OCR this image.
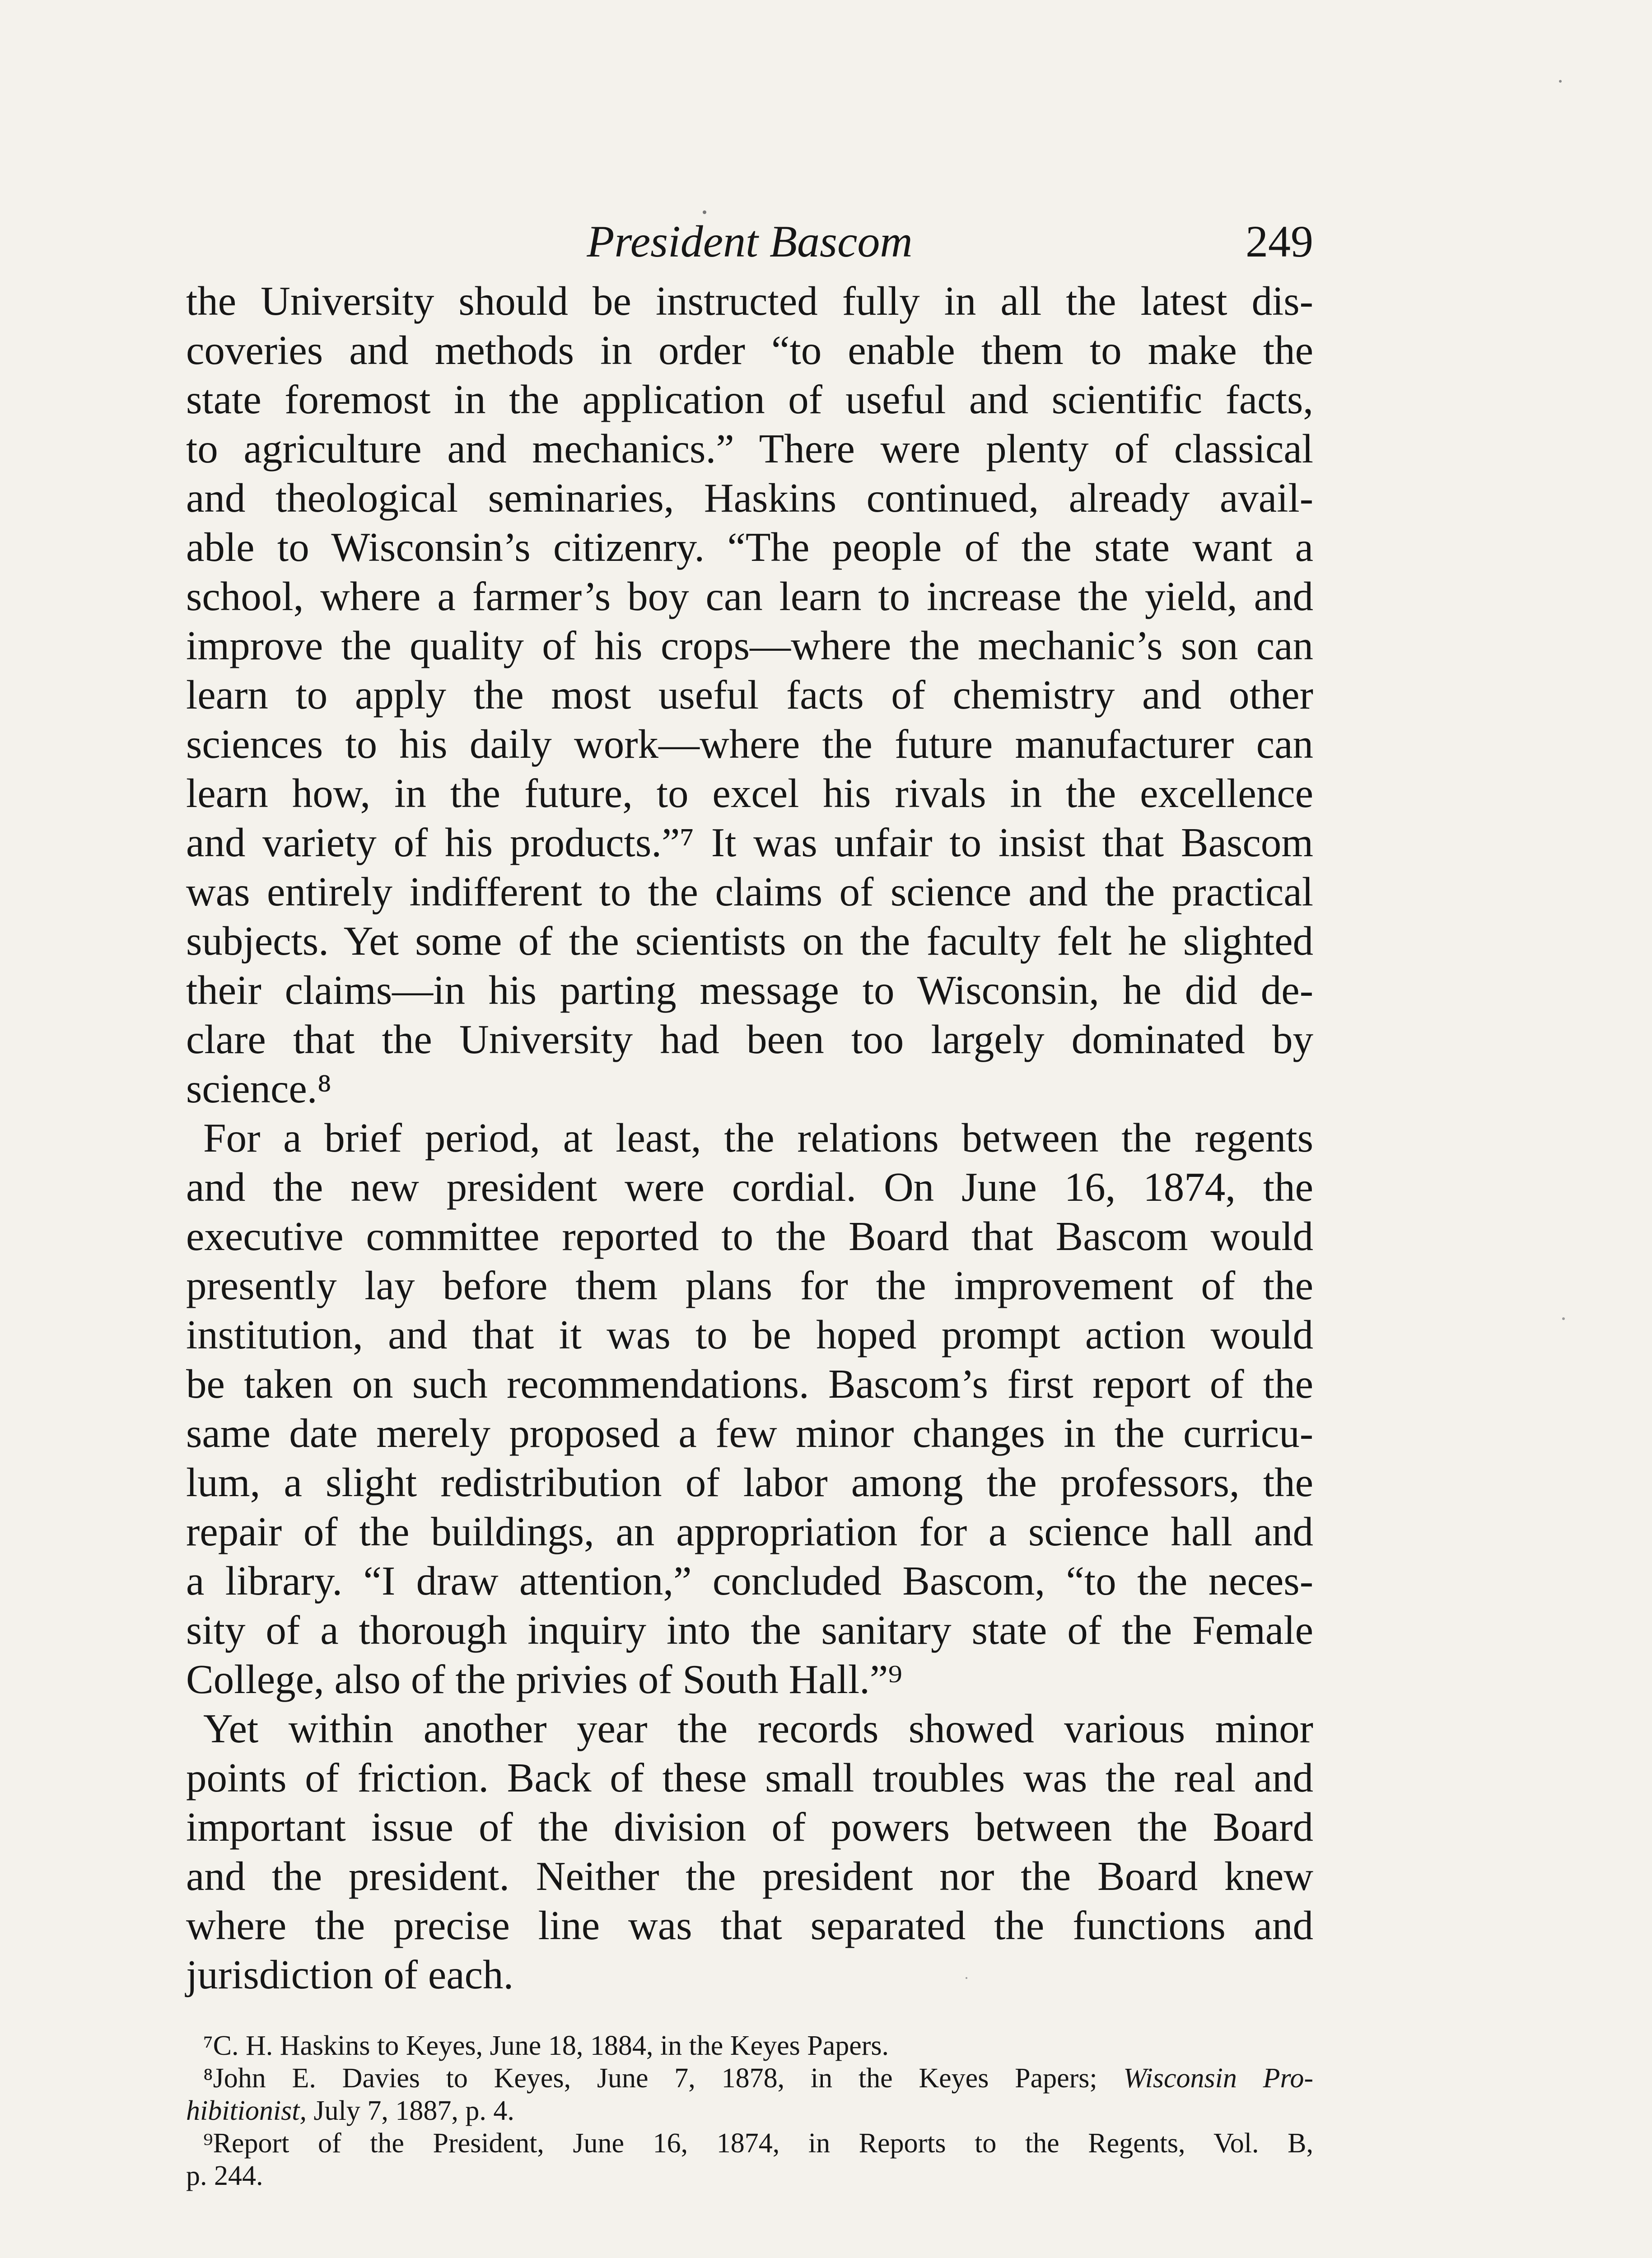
President Bascom	249
the University should be instructed fully in all the latest dis-
coveries and methods in order “to enable them to make the
state foremost in the application of useful and scientific facts,
to agriculture and mechanics.” There were plenty of classical
and theological seminaries, Haskins continued, already avail-
able to Wisconsin’s citizenry. “The people of the state want a
school, where a farmer’s boy can learn to increase the yield, and
improve the quality of his crops—where the mechanic’s son can
learn to apply the most useful facts of chemistry and other
sciences to his daily work—where the future manufacturer can
learn how, in the future, to excel his rivals in the excellence
and variety of his products.”⁷ It was unfair to insist that Bascom
was entirely indifferent to the claims of science and the practical
subjects. Yet some of the scientists on the faculty felt he slighted
their claims—in his parting message to Wisconsin, he did de-
clare that the University had been too largely dominated by
science.⁸
For a brief period, at least, the relations between the regents
and the new president were cordial. On June 16, 1874, the
executive committee reported to the Board that Bascom would
presently lay before them plans for the improvement of the
institution, and that it was to be hoped prompt action would
be taken on such recommendations. Bascom’s first report of the
same date merely proposed a few minor changes in the curricu-
lum, a slight redistribution of labor among the professors, the
repair of the buildings, an appropriation for a science hall and
a library. “I draw attention,” concluded Bascom, “to the neces-
sity of a thorough inquiry into the sanitary state of the Female
College, also of the privies of South Hall.”⁹
Yet within another year the records showed various minor
points of friction. Back of these small troubles was the real and
important issue of the division of powers between the Board
and the president. Neither the president nor the Board knew
where the precise line was that separated the functions and
jurisdiction of each.
⁷C. H. Haskins to Keyes, June 18, 1884, in the Keyes Papers.
⁸John E. Davies to Keyes, June 7, 1878, in the Keyes Papers; Wisconsin Pro-
hibitionist, July 7, 1887, p. 4.
⁹Report of the President, June 16, 1874, in Reports to the Regents, Vol. B,
p. 244.
